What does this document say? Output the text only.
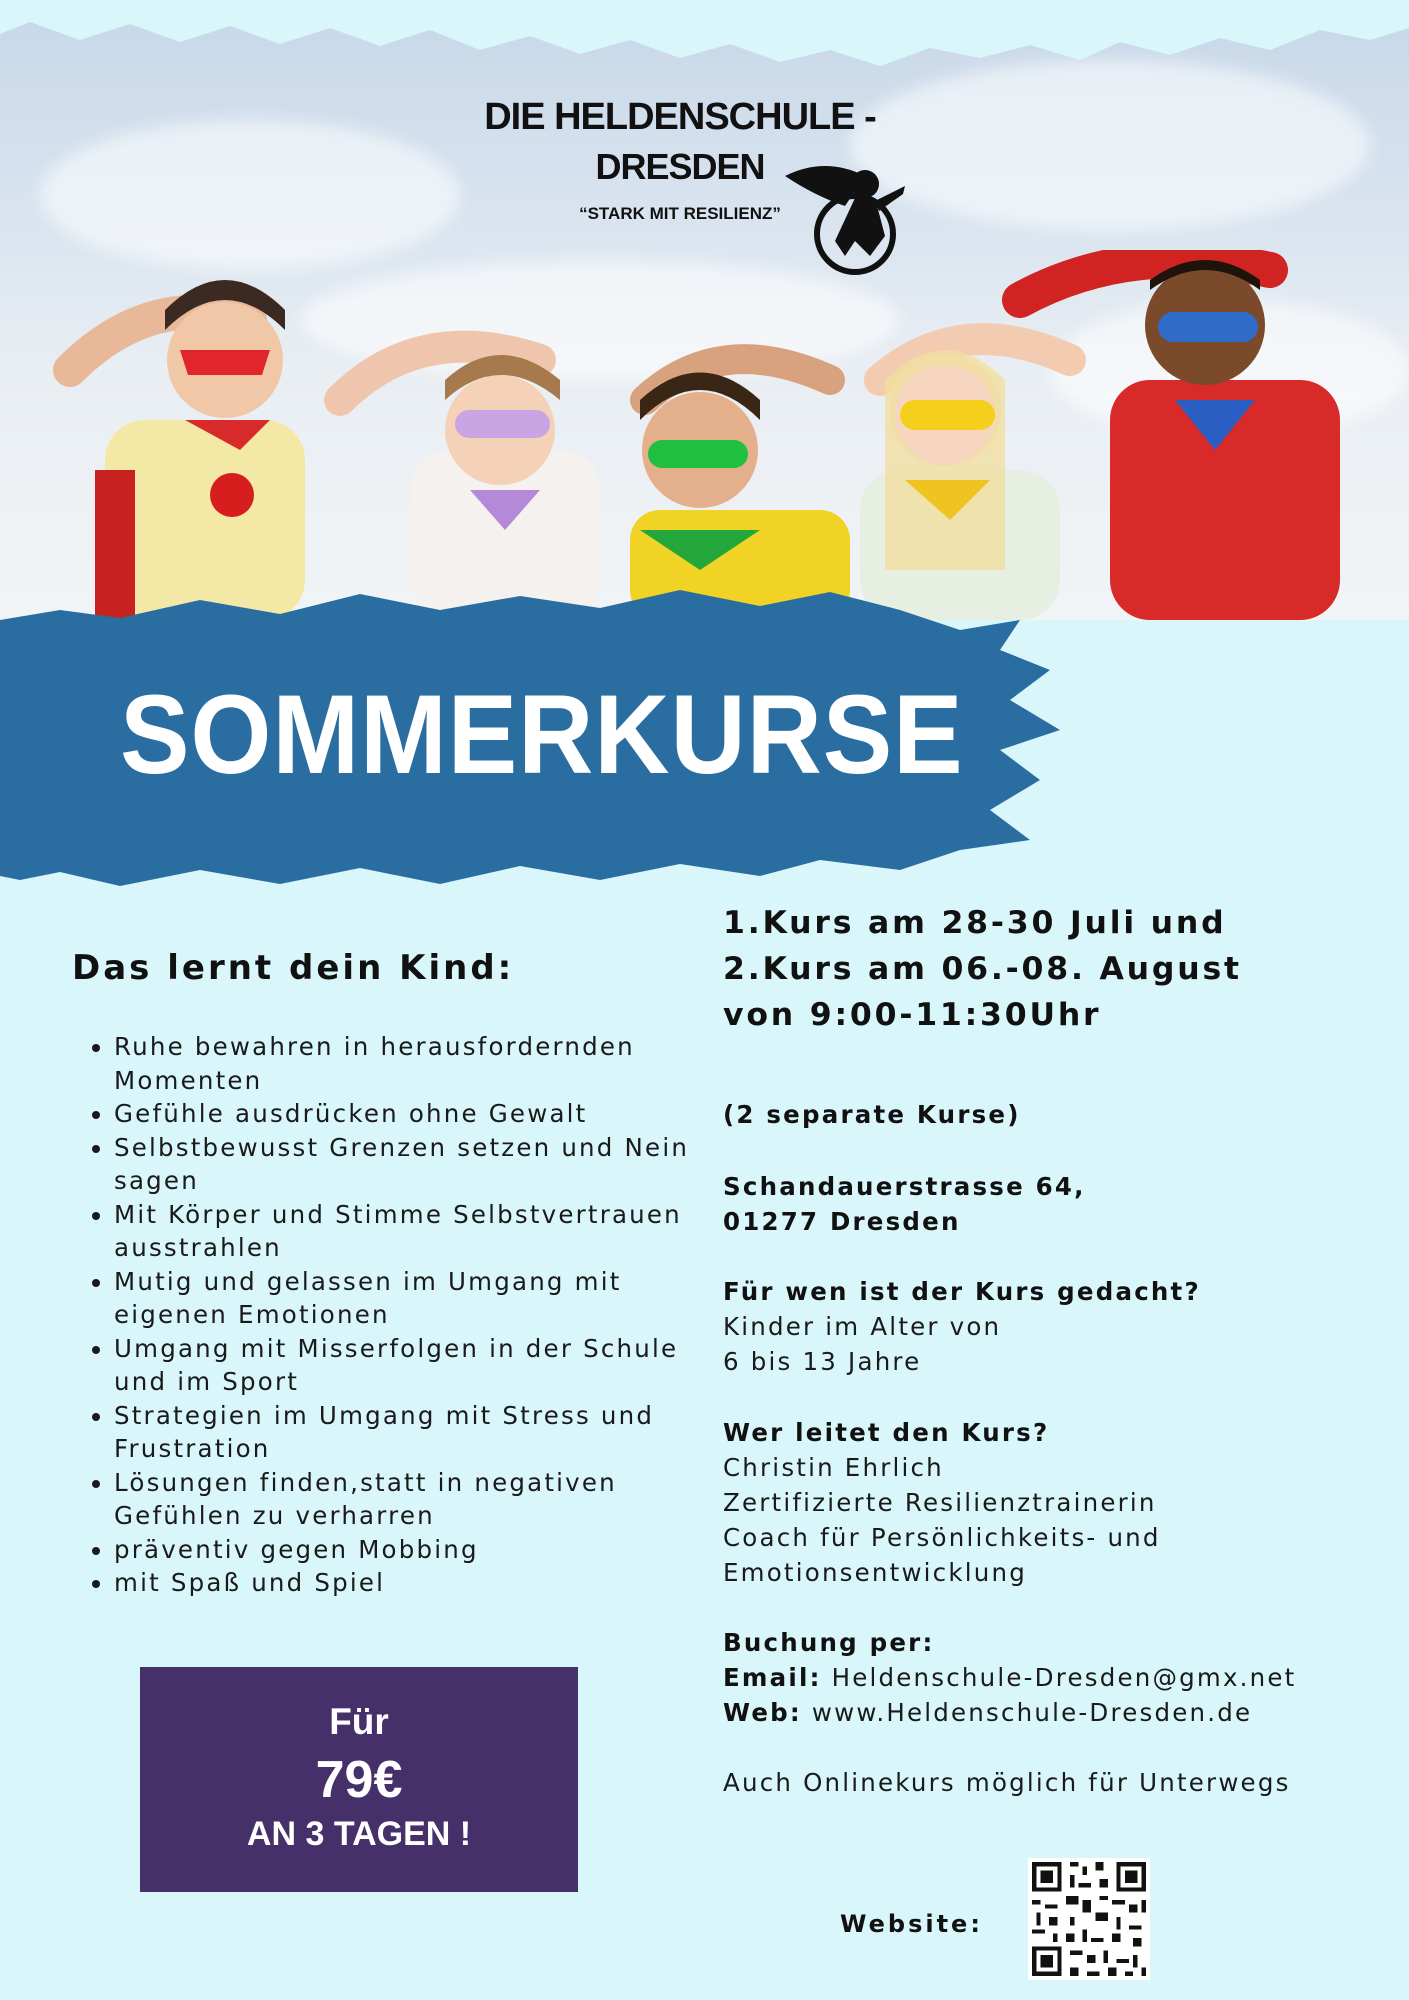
DIE HELDENSCHULE -
DRESDEN
“STARK MIT RESILIENZ”
SOMMERKURSE
Das lernt dein Kind:
• Ruhe bewahren in herausfordernden Momenten
• Gefühle ausdrücken ohne Gewalt
• Selbstbewusst Grenzen setzen und Nein sagen
• Mit Körper und Stimme Selbstvertrauen ausstrahlen
• Mutig und gelassen im Umgang mit eigenen Emotionen
• Umgang mit Misserfolgen in der Schule und im Sport
• Strategien im Umgang mit Stress und Frustration
• Lösungen finden,statt in negativen Gefühlen zu verharren
• präventiv gegen Mobbing
• mit Spaß und Spiel
Für
79€
AN 3 TAGEN !
1.Kurs am 28-30 Juli und
2.Kurs am 06.-08. August
von 9:00-11:30Uhr
(2 separate Kurse)
Schandauerstrasse 64,
01277 Dresden
Für wen ist der Kurs gedacht?
Kinder im Alter von
6 bis 13 Jahre
Wer leitet den Kurs?
Christin Ehrlich
Zertifizierte Resilienztrainerin
Coach für Persönlichkeits- und
Emotionsentwicklung
Buchung per:
Email: Heldenschule-Dresden@gmx.net
Web: www.Heldenschule-Dresden.de
Auch Onlinekurs möglich für Unterwegs
Website:
